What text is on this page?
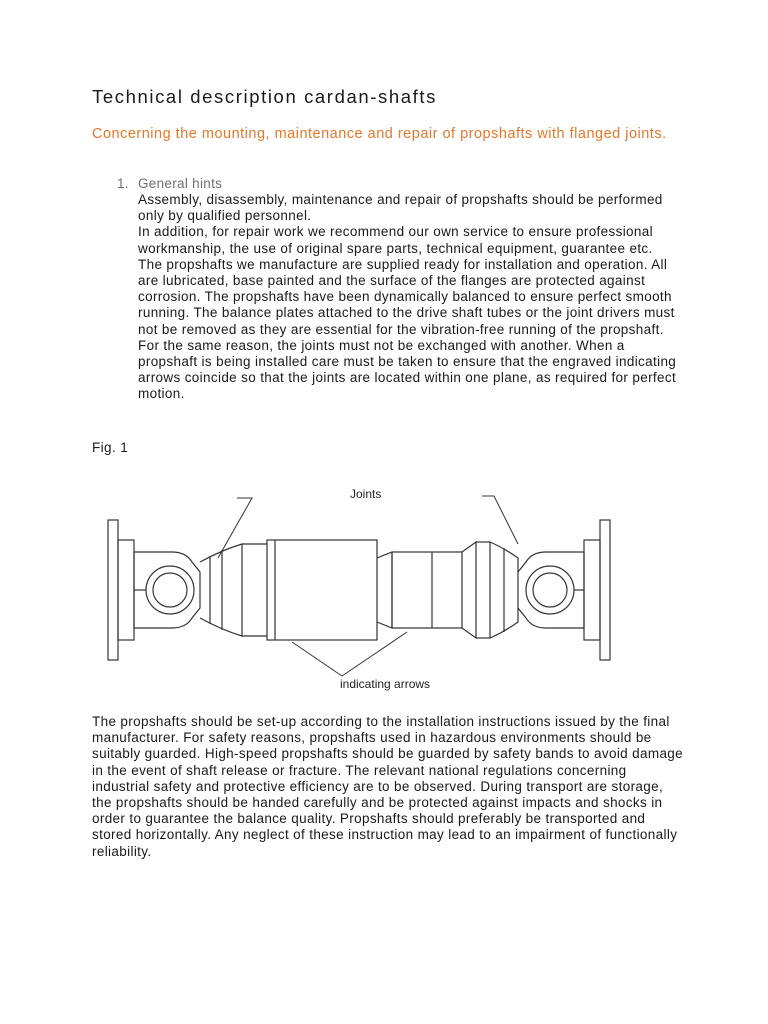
Technical description cardan-shafts
Concerning the mounting, maintenance and repair of propshafts with flanged joints.
1. General hints

Assembly, disassembly, maintenance and repair of propshafts should be performed only by qualified personnel.

In addition, for repair work we recommend our own service to ensure professional workmanship, the use of original spare parts, technical equipment, guarantee etc. The propshafts we manufacture are supplied ready for installation and operation. All are lubricated, base painted and the surface of the flanges are protected against corrosion. The propshafts have been dynamically balanced to ensure perfect smooth running. The balance plates attached to the drive shaft tubes or the joint drivers must not be removed as they are essential for the vibration-free running of the propshaft. For the same reason, the joints must not be exchanged with another. When a propshaft is being installed care must be taken to ensure that the engraved indicating arrows coincide so that the joints are located within one plane, as required for perfect motion.

Fig. 1
Joints
indicating arrows

The propshafts should be set-up according to the installation instructions issued by the final manufacturer. For safety reasons, propshafts used in hazardous environments should be suitably guarded. High-speed propshafts should be guarded by safety bands to avoid damage in the event of shaft release or fracture. The relevant national regulations concerning industrial safety and protective efficiency are to be observed. During transport are storage, the propshafts should be handed carefully and be protected against impacts and shocks in order to guarantee the balance quality. Propshafts should preferably be transported and stored horizontally. Any neglect of these instruction may lead to an impairment of functionally reliability.
